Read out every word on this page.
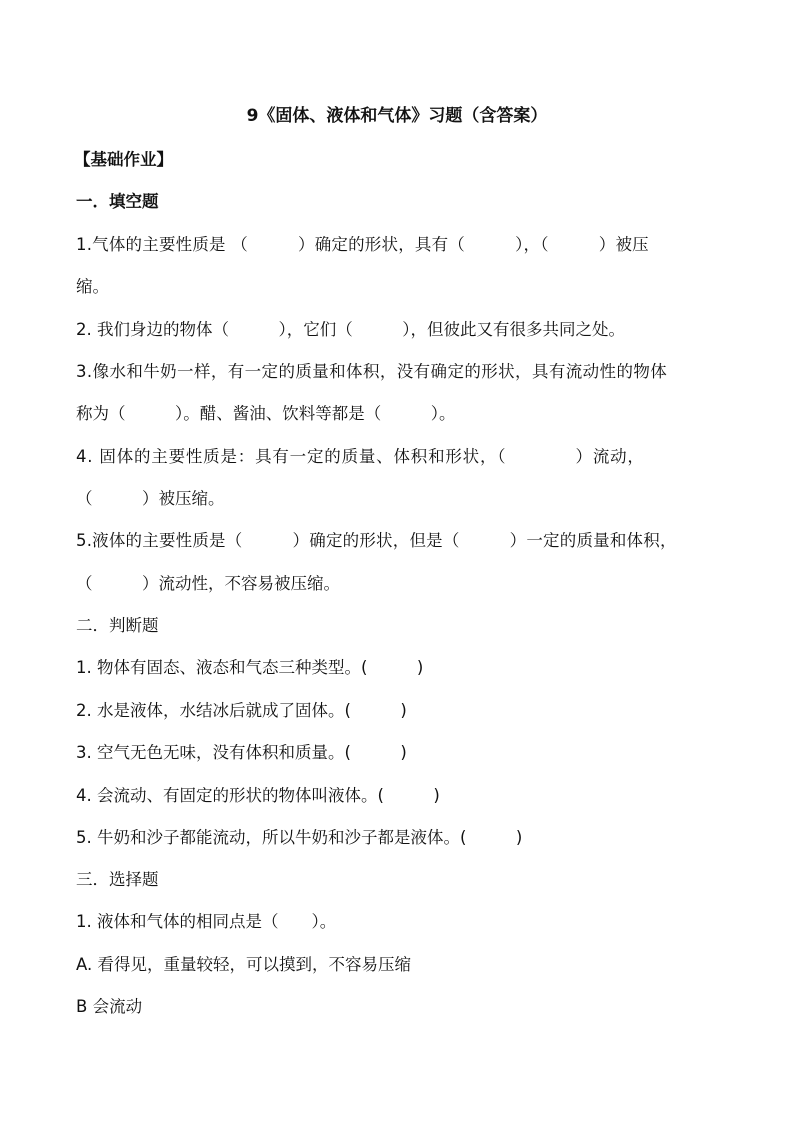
9《固体、液体和气体》习题（含答案）
【基础作业】
一．填空题
1.气体的主要性质是 （　　　）确定的形状，具有（　　　），（　　　）被压
缩。
2. 我们身边的物体（　　　），它们（　　　），但彼此又有很多共同之处。
3.像水和牛奶一样，有一定的质量和体积，没有确定的形状，具有流动性的物体
称为（　　　）。醋、酱油、饮料等都是（　　　）。
4. 固体的主要性质是：具有一定的质量、体积和形状，（　　　　）流动，
（　　　）被压缩。
5.液体的主要性质是（　　　）确定的形状，但是（　　　）一定的质量和体积，
（　　　）流动性，不容易被压缩。
二．判断题
1. 物体有固态、液态和气态三种类型。(　　　)
2. 水是液体，水结冰后就成了固体。(　　　)
3. 空气无色无味，没有体积和质量。(　　　)
4. 会流动、有固定的形状的物体叫液体。(　　　)
5. 牛奶和沙子都能流动，所以牛奶和沙子都是液体。(　　　)
三．选择题
1. 液体和气体的相同点是（　　）。
A. 看得见，重量较轻，可以摸到，不容易压缩
B 会流动
